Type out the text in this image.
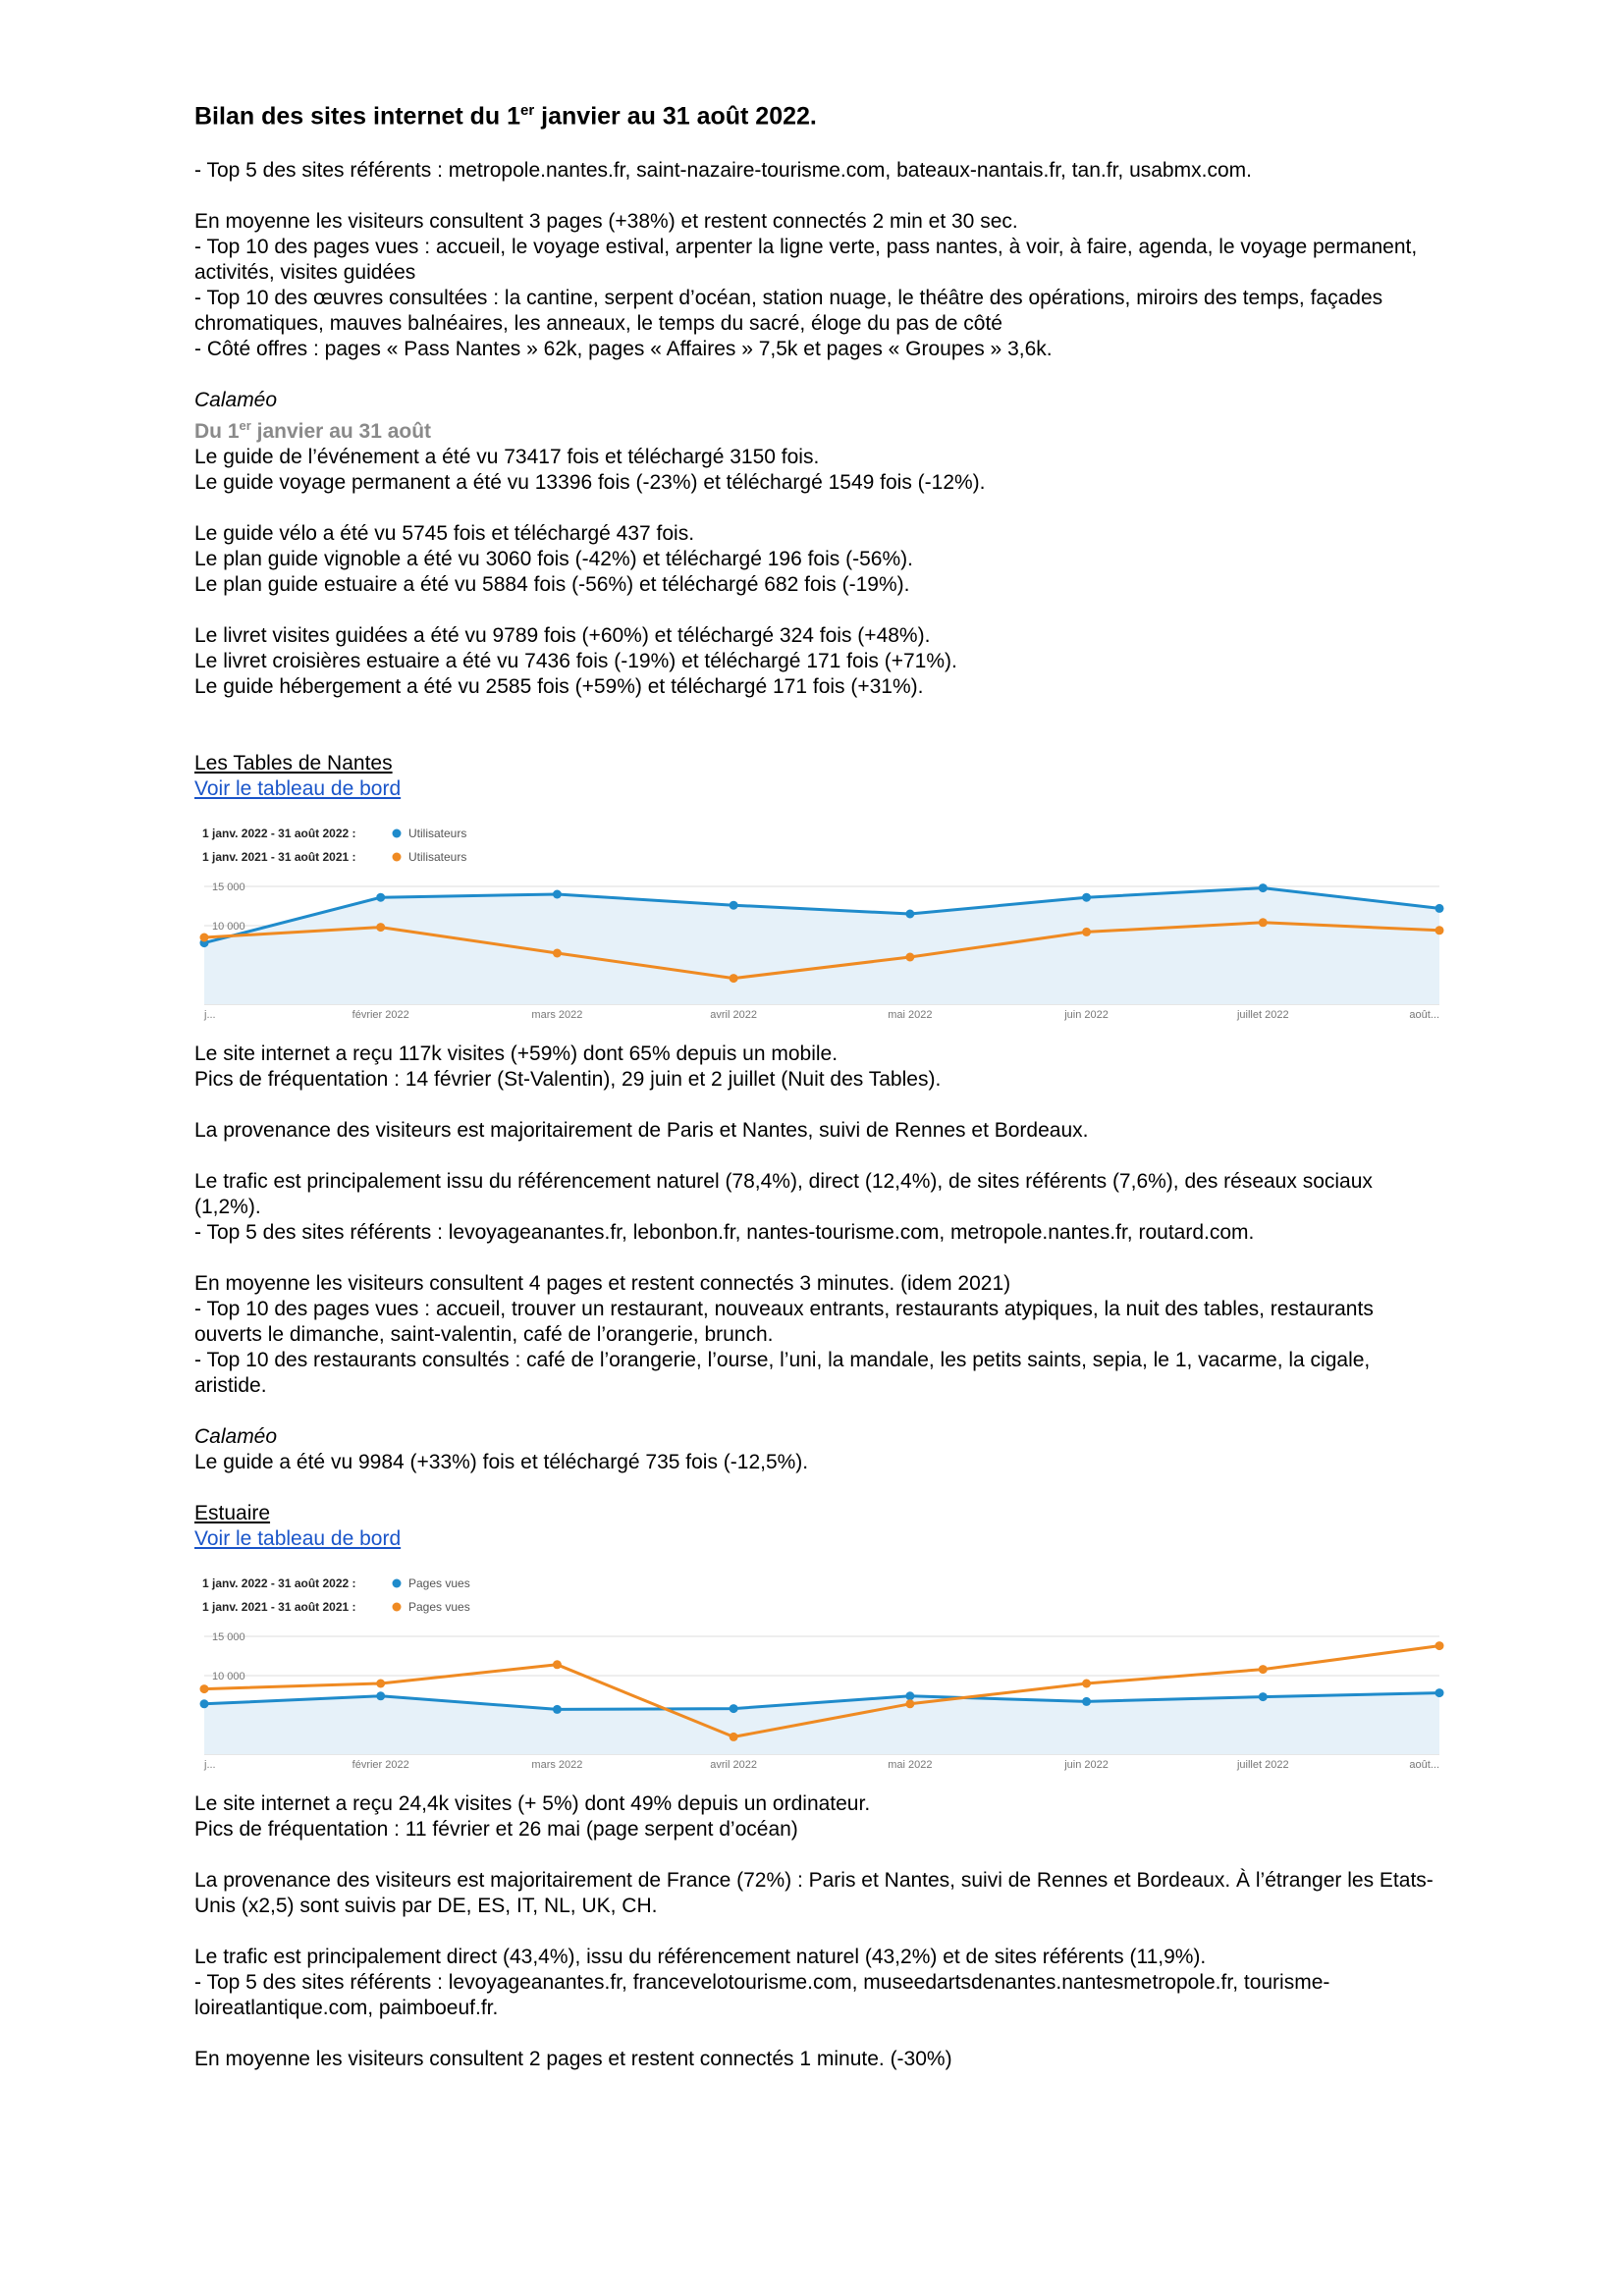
Bilan des sites internet du 1er janvier au 31 août 2022.

- Top 5 des sites référents : metropole.nantes.fr, saint-nazaire-tourisme.com, bateaux-nantais.fr, tan.fr, usabmx.com.

En moyenne les visiteurs consultent 3 pages (+38%) et restent connectés 2 min et 30 sec.

- Top 10 des pages vues : accueil, le voyage estival, arpenter la ligne verte, pass nantes, à voir, à faire, agenda, le voyage permanent, activités, visites guidées

- Top 10 des œuvres consultées : la cantine, serpent d’océan, station nuage, le théâtre des opérations, miroirs des temps, façades chromatiques, mauves balnéaires, les anneaux, le temps du sacré, éloge du pas de côté

- Côté offres : pages « Pass Nantes » 62k, pages « Affaires » 7,5k et pages « Groupes » 3,6k.

Calaméo

Du 1er janvier au 31 août

Le guide de l’événement a été vu 73417 fois et téléchargé 3150 fois.

Le guide voyage permanent a été vu 13396 fois (-23%) et téléchargé 1549 fois (-12%).

Le guide vélo a été vu 5745 fois et téléchargé 437 fois.

Le plan guide vignoble a été vu 3060 fois (-42%) et téléchargé 196 fois (-56%).

Le plan guide estuaire a été vu 5884 fois (-56%) et téléchargé 682 fois (-19%).

Le livret visites guidées a été vu 9789 fois (+60%) et téléchargé 324 fois (+48%).

Le livret croisières estuaire a été vu 7436 fois (-19%) et téléchargé 171 fois (+71%).

Le guide hébergement a été vu 2585 fois (+59%) et téléchargé 171 fois (+31%).

Les Tables de Nantes

Voir le tableau de bord

1 janv. 2022 - 31 août 2022 :	Utilisateurs
1 janv. 2021 - 31 août 2021 :	Utilisateurs
15 000
10 000
j...	février 2022	mars 2022	avril 2022	mai 2022	juin 2022	juillet 2022	août...

Le site internet a reçu 117k visites (+59%) dont 65% depuis un mobile.

Pics de fréquentation : 14 février (St-Valentin), 29 juin et 2 juillet (Nuit des Tables).

La provenance des visiteurs est majoritairement de Paris et Nantes, suivi de Rennes et Bordeaux.

Le trafic est principalement issu du référencement naturel (78,4%), direct (12,4%), de sites référents (7,6%), des réseaux sociaux (1,2%).

- Top 5 des sites référents : levoyageanantes.fr, lebonbon.fr, nantes-tourisme.com, metropole.nantes.fr, routard.com.

En moyenne les visiteurs consultent 4 pages et restent connectés 3 minutes. (idem 2021)

- Top 10 des pages vues : accueil, trouver un restaurant, nouveaux entrants, restaurants atypiques, la nuit des tables, restaurants ouverts le dimanche, saint-valentin, café de l’orangerie, brunch.

- Top 10 des restaurants consultés : café de l’orangerie, l’ourse, l’uni, la mandale, les petits saints, sepia, le 1, vacarme, la cigale, aristide.

Calaméo

Le guide a été vu 9984 (+33%) fois et téléchargé 735 fois (-12,5%).

Estuaire

Voir le tableau de bord

1 janv. 2022 - 31 août 2022 :	Pages vues
1 janv. 2021 - 31 août 2021 :	Pages vues
15 000
10 000
j...	février 2022	mars 2022	avril 2022	mai 2022	juin 2022	juillet 2022	août...

Le site internet a reçu 24,4k visites (+ 5%) dont 49% depuis un ordinateur.

Pics de fréquentation : 11 février et 26 mai (page serpent d’océan)

La provenance des visiteurs est majoritairement de France (72%) : Paris et Nantes, suivi de Rennes et Bordeaux. À l’étranger les Etats-Unis (x2,5) sont suivis par DE, ES, IT, NL, UK, CH.

Le trafic est principalement direct (43,4%), issu du référencement naturel (43,2%) et de sites référents (11,9%).

- Top 5 des sites référents : levoyageanantes.fr, francevelotourisme.com, museedartsdenantes.nantesmetropole.fr, tourisme-loireatlantique.com, paimboeuf.fr.

En moyenne les visiteurs consultent 2 pages et restent connectés 1 minute. (-30%)
